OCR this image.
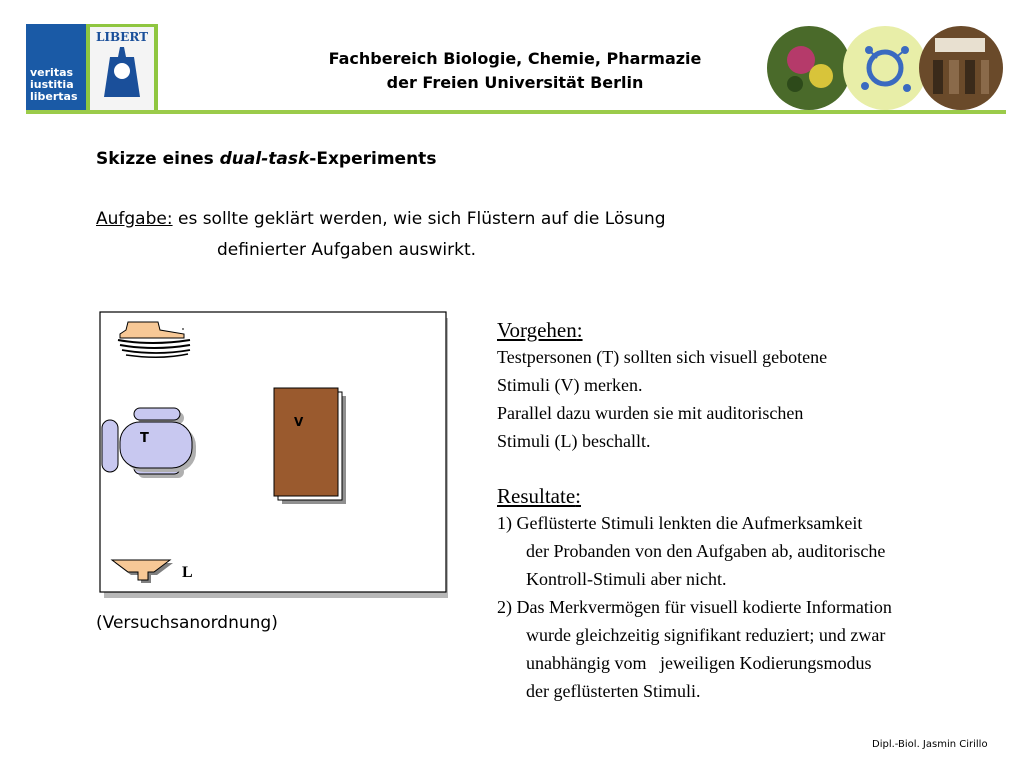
veritas
iustitia
libertas
LIBERT
Fachbereich Biologie, Chemie, Pharmazie
der Freien Universität Berlin
Skizze eines dual-task-Experiments
Aufgabe: es sollte geklärt werden, wie sich Flüstern auf die Lösung
definierter Aufgaben auswirkt.
T
V
L
(Versuchsanordnung)
Vorgehen:
Testpersonen (T) sollten sich visuell gebotene
Stimuli (V) merken.
Parallel dazu wurden sie mit auditorischen
Stimuli (L) beschallt.
Resultate:
1) Geflüsterte Stimuli lenkten die Aufmerksamkeit
der Probanden von den Aufgaben ab, auditorische
Kontroll-Stimuli aber nicht.
2) Das Merkvermögen für visuell kodierte Information
wurde gleichzeitig signifikant reduziert; und zwar
unabhängig vom   jeweiligen Kodierungsmodus
der geflüsterten Stimuli.
Dipl.-Biol. Jasmin Cirillo
